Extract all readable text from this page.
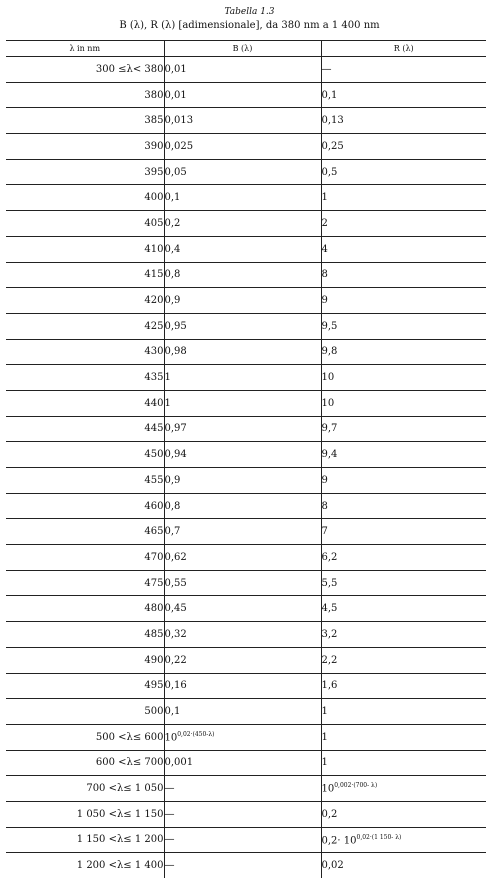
Tabella 1.3
B (λ), R (λ) [adimensionale], da 380 nm a 1 400 nm
λ in nm	B (λ)	R (λ)
300 ≤λ< 380	0,01	—
380	0,01	0,1
385	0,013	0,13
390	0,025	0,25
395	0,05	0,5
400	0,1	1
405	0,2	2
410	0,4	4
415	0,8	8
420	0,9	9
425	0,95	9,5
430	0,98	9,8
435	1	10
440	1	10
445	0,97	9,7
450	0,94	9,4
455	0,9	9
460	0,8	8
465	0,7	7
470	0,62	6,2
475	0,55	5,5
480	0,45	4,5
485	0,32	3,2
490	0,22	2,2
495	0,16	1,6
500	0,1	1
500 <λ≤ 600	$10^{0,02\cdot(450-\lambda)}$	1
600 <λ≤ 700	0,001	1
700 <λ≤ 1 050	—	$10^{0,002\cdot(700- \lambda)}$
1 050 <λ≤ 1 150	—	0,2
1 150 <λ≤ 1 200	—	$0,2\cdot 10^{0,02\cdot(1 150- \lambda)}$
1 200 <λ≤ 1 400	—	0,02
